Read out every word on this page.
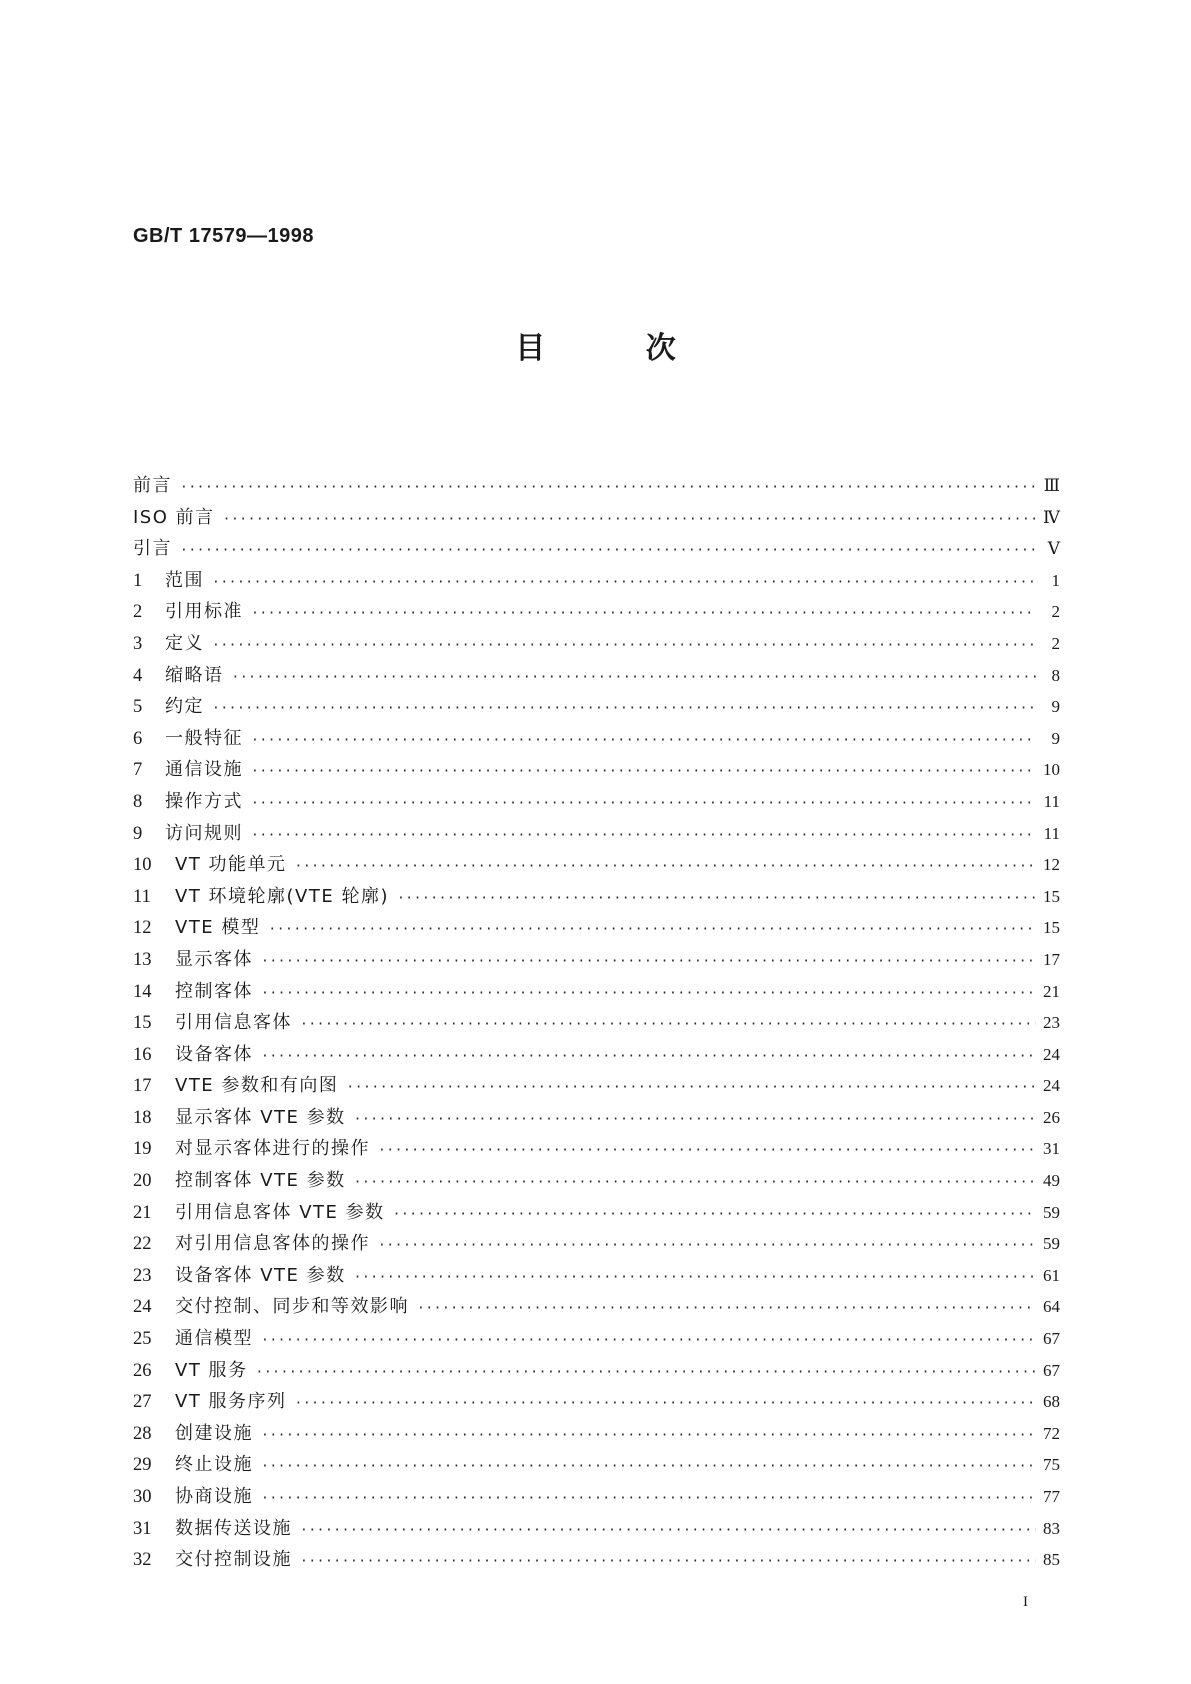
GB/T 17579—1998
目 次
前言 ·····	Ⅲ
ISO 前言 ·····	Ⅳ
引言 ·····	Ⅴ
1	范围 ·····	1
2	引用标准 ·····	2
3	定义 ·····	2
4	缩略语 ·····	8
5	约定 ·····	9
6	一般特征 ·····	9
7	通信设施 ·····	10
8	操作方式 ·····	11
9	访问规则 ·····	11
10	VT 功能单元 ·····	12
11	VT 环境轮廓(VTE 轮廓) ·····	15
12	VTE 模型 ·····	15
13	显示客体 ·····	17
14	控制客体 ·····	21
15	引用信息客体 ·····	23
16	设备客体 ·····	24
17	VTE 参数和有向图 ·····	24
18	显示客体 VTE 参数 ·····	26
19	对显示客体进行的操作 ·····	31
20	控制客体 VTE 参数 ·····	49
21	引用信息客体 VTE 参数 ·····	59
22	对引用信息客体的操作 ·····	59
23	设备客体 VTE 参数 ·····	61
24	交付控制、同步和等效影响 ·····	64
25	通信模型 ·····	67
26	VT 服务 ·····	67
27	VT 服务序列 ·····	68
28	创建设施 ·····	72
29	终止设施 ·····	75
30	协商设施 ·····	77
31	数据传送设施 ·····	83
32	交付控制设施 ·····	85
I
